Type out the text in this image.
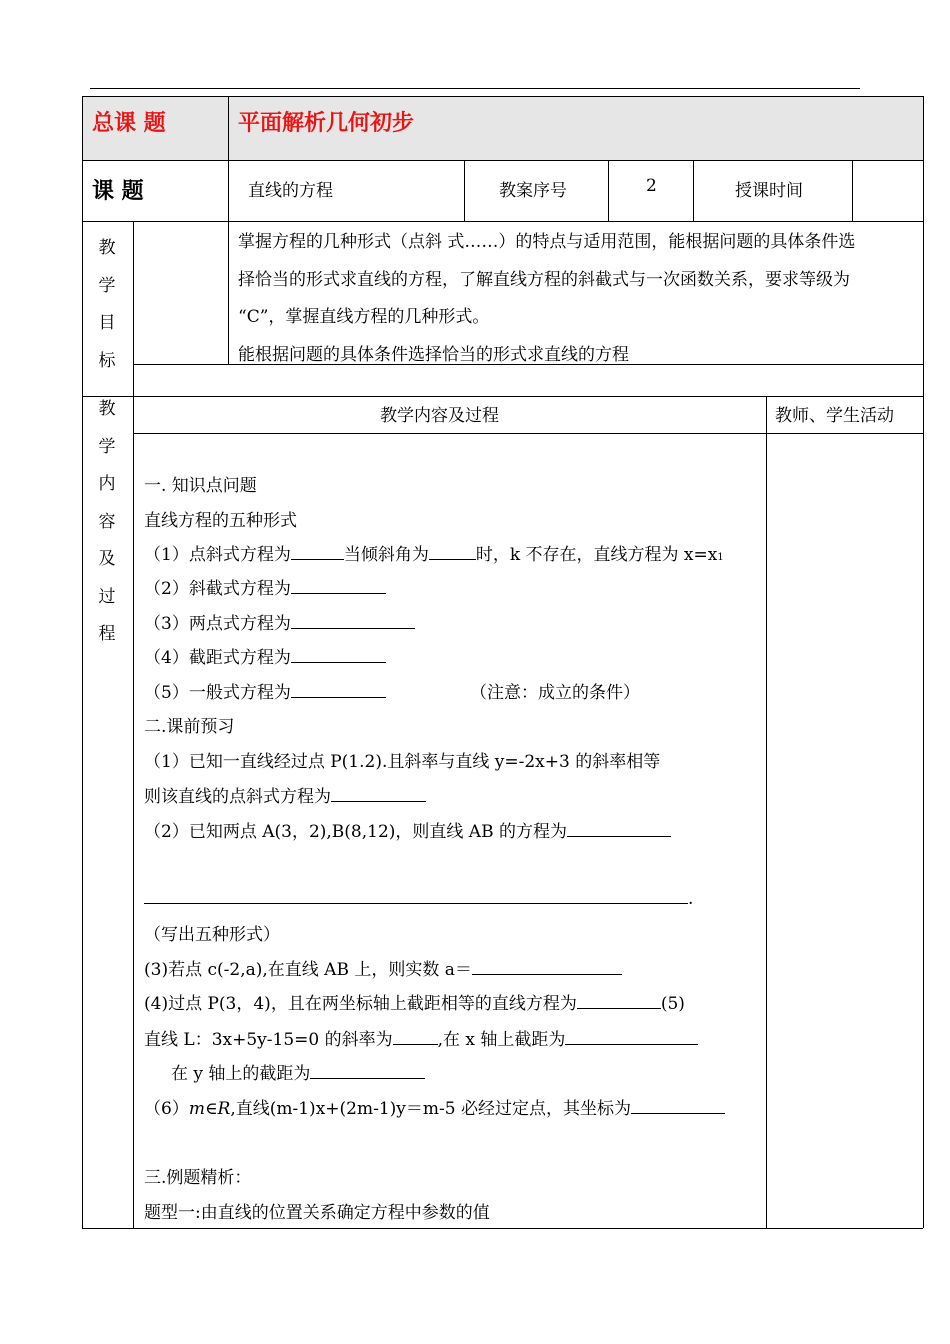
总课 题	平面解析几何初步
课 题	直线的方程	教案序号	2	授课时间
教
学
目
标
掌握方程的几种形式（点斜 式……）的特点与适用范围，能根据问题的具体条件选
择恰当的形式求直线的方程，了解直线方程的斜截式与一次函数关系，要求等级为
“C”，掌握直线方程的几种形式。
能根据问题的具体条件选择恰当的形式求直线的方程
教
学
内
容
及
过
程
教学内容及过程	教师、学生活动
一. 知识点问题
直线方程的五种形式
（1）点斜式方程为	当倾斜角为	时，k 不存在，直线方程为 x=x1
（2）斜截式方程为
（3）两点式方程为
（4）截距式方程为
（5）一般式方程为	（注意：成立的条件）
二.课前预习
（1）已知一直线经过点 P(1.2).且斜率与直线 y=-2x+3 的斜率相等
则该直线的点斜式方程为
（2）已知两点 A(3，2),B(8,12)，则直线 AB 的方程为
.
（写出五种形式）
(3)若点 c(-2,a),在直线 AB 上，则实数 a＝
(4)过点 P(3，4)，且在两坐标轴上截距相等的直线方程为	(5)
直线 L：3x+5y-15=0 的斜率为	,在 x 轴上截距为
在 y 轴上的截距为
（6）m∈R,直线(m-1)x+(2m-1)y＝m-5 必经过定点，其坐标为
三.例题精析：
题型一:由直线的位置关系确定方程中参数的值
